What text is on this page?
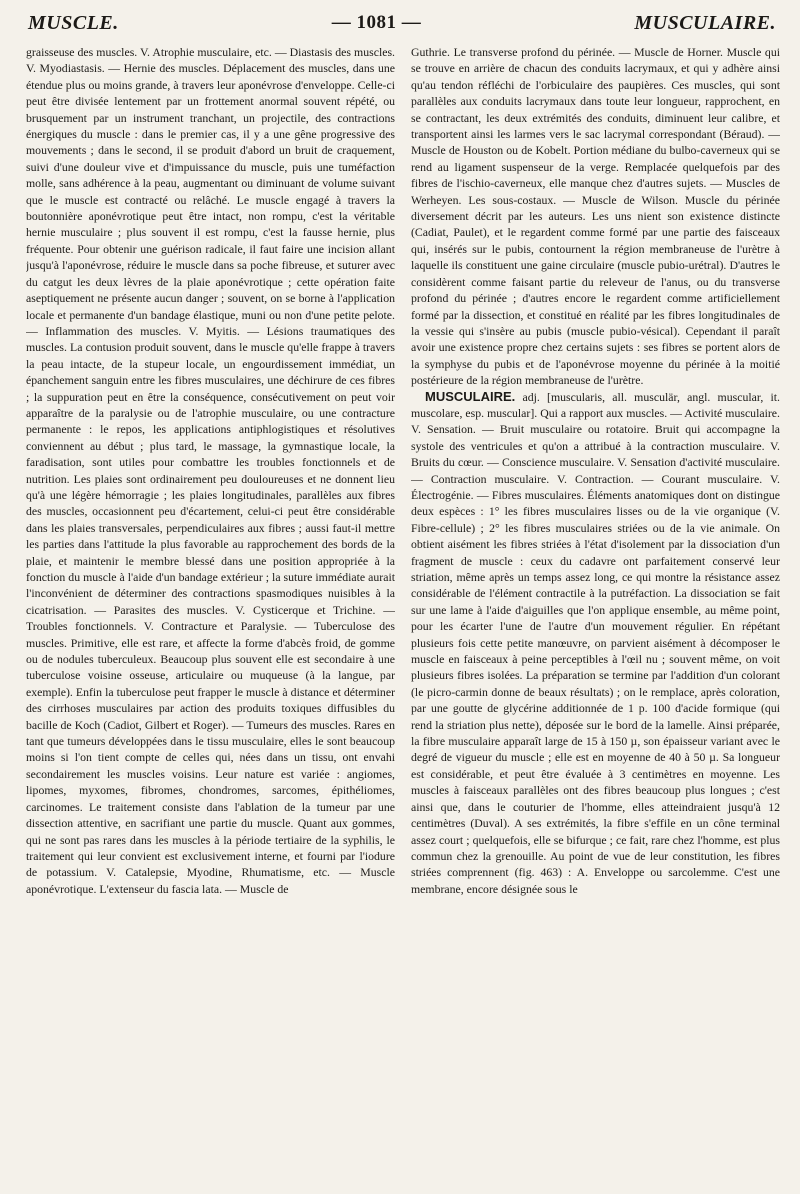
MUSCLE.	— 1081 —	MUSCULAIRE.

graisseuse des muscles. V. Atrophie musculaire, etc. — Diastasis des muscles. V. Myodiastasis. — Hernie des muscles. Déplacement des muscles, dans une étendue plus ou moins grande, à travers leur aponévrose d'enveloppe. Celle-ci peut être divisée lentement par un frottement anormal souvent répété, ou brusquement par un instrument tranchant, un projectile, des contractions énergiques du muscle : dans le premier cas, il y a une gêne progressive des mouvements ; dans le second, il se produit d'abord un bruit de craquement, suivi d'une douleur vive et d'impuissance du muscle, puis une tuméfaction molle, sans adhérence à la peau, augmentant ou diminuant de volume suivant que le muscle est contracté ou relâché. Le muscle engagé à travers la boutonnière aponévrotique peut être intact, non rompu, c'est la véritable hernie musculaire ; plus souvent il est rompu, c'est la fausse hernie, plus fréquente. Pour obtenir une guérison radicale, il faut faire une incision allant jusqu'à l'aponévrose, réduire le muscle dans sa poche fibreuse, et suturer avec du catgut les deux lèvres de la plaie aponévrotique ; cette opération faite aseptiquement ne présente aucun danger ; souvent, on se borne à l'application locale et permanente d'un bandage élastique, muni ou non d'une petite pelote. — Inflammation des muscles. V. Myitis. — Lésions traumatiques des muscles. La contusion produit souvent, dans le muscle qu'elle frappe à travers la peau intacte, de la stupeur locale, un engourdissement immédiat, un épanchement sanguin entre les fibres musculaires, une déchirure de ces fibres ; la suppuration peut en être la conséquence, consécutivement on peut voir apparaître de la paralysie ou de l'atrophie musculaire, ou une contracture permanente : le repos, les applications antiphlogistiques et résolutives conviennent au début ; plus tard, le massage, la gymnastique locale, la faradisation, sont utiles pour combattre les troubles fonctionnels et de nutrition. Les plaies sont ordinairement peu douloureuses et ne donnent lieu qu'à une légère hémorragie ; les plaies longitudinales, parallèles aux fibres des muscles, occasionnent peu d'écartement, celui-ci peut être considérable dans les plaies transversales, perpendiculaires aux fibres ; aussi faut-il mettre les parties dans l'attitude la plus favorable au rapprochement des bords de la plaie, et maintenir le membre blessé dans une position appropriée à la fonction du muscle à l'aide d'un bandage extérieur ; la suture immédiate aurait l'inconvénient de déterminer des contractions spasmodiques nuisibles à la cicatrisation. — Parasites des muscles. V. Cysticerque et Trichine. — Troubles fonctionnels. V. Contracture et Paralysie. — Tuberculose des muscles. Primitive, elle est rare, et affecte la forme d'abcès froid, de gomme ou de nodules tuberculeux. Beaucoup plus souvent elle est secondaire à une tuberculose voisine osseuse, articulaire ou muqueuse (à la langue, par exemple). Enfin la tuberculose peut frapper le muscle à distance et déterminer des cirrhoses musculaires par action des produits toxiques diffusibles du bacille de Koch (Cadiot, Gilbert et Roger). — Tumeurs des muscles. Rares en tant que tumeurs développées dans le tissu musculaire, elles le sont beaucoup moins si l'on tient compte de celles qui, nées dans un tissu, ont envahi secondairement les muscles voisins. Leur nature est variée : angiomes, lipomes, myxomes, fibromes, chondromes, sarcomes, épithéliomes, carcinomes. Le traitement consiste dans l'ablation de la tumeur par une dissection attentive, en sacrifiant une partie du muscle. Quant aux gommes, qui ne sont pas rares dans les muscles à la période tertiaire de la syphilis, le traitement qui leur convient est exclusivement interne, et fourni par l'iodure de potassium. V. Catalepsie, Myodine, Rhumatisme, etc. — Muscle aponévrotique. L'extenseur du fascia lata. — Muscle de

Guthrie. Le transverse profond du périnée. — Muscle de Horner. Muscle qui se trouve en arrière de chacun des conduits lacrymaux, et qui y adhère ainsi qu'au tendon réfléchi de l'orbiculaire des paupières. Ces muscles, qui sont parallèles aux conduits lacrymaux dans toute leur longueur, rapprochent, en se contractant, les deux extrémités des conduits, diminuent leur calibre, et transportent ainsi les larmes vers le sac lacrymal correspondant (Béraud). — Muscle de Houston ou de Kobelt. Portion médiane du bulbo-caverneux qui se rend au ligament suspenseur de la verge. Remplacée quelquefois par des fibres de l'ischio-caverneux, elle manque chez d'autres sujets. — Muscles de Werheyen. Les sous-costaux. — Muscle de Wilson. Muscle du périnée diversement décrit par les auteurs. Les uns nient son existence distincte (Cadiat, Paulet), et le regardent comme formé par une partie des faisceaux qui, insérés sur le pubis, contournent la région membraneuse de l'urètre à laquelle ils constituent une gaine circulaire (muscle pubio-urétral). D'autres le considèrent comme faisant partie du releveur de l'anus, ou du transverse profond du périnée ; d'autres encore le regardent comme artificiellement formé par la dissection, et constitué en réalité par les fibres longitudinales de la vessie qui s'insère au pubis (muscle pubio-vésical). Cependant il paraît avoir une existence propre chez certains sujets : ses fibres se portent alors de la symphyse du pubis et de l'aponévrose moyenne du périnée à la moitié postérieure de la région membraneuse de l'urètre.

MUSCULAIRE. adj. [muscularis, all. musculär, angl. muscular, it. muscolare, esp. muscular]. Qui a rapport aux muscles. — Activité musculaire. V. Sensation. — Bruit musculaire ou rotatoire. Bruit qui accompagne la systole des ventricules et qu'on a attribué à la contraction musculaire. V. Bruits du cœur. — Conscience musculaire. V. Sensation d'activité musculaire. — Contraction musculaire. V. Contraction. — Courant musculaire. V. Électrogénie. — Fibres musculaires. Éléments anatomiques dont on distingue deux espèces : 1° les fibres musculaires lisses ou de la vie organique (V. Fibre-cellule) ; 2° les fibres musculaires striées ou de la vie animale. On obtient aisément les fibres striées à l'état d'isolement par la dissociation d'un fragment de muscle : ceux du cadavre ont parfaitement conservé leur striation, même après un temps assez long, ce qui montre la résistance assez considérable de l'élément contractile à la putréfaction. La dissociation se fait sur une lame à l'aide d'aiguilles que l'on applique ensemble, au même point, pour les écarter l'une de l'autre d'un mouvement régulier. En répétant plusieurs fois cette petite manœuvre, on parvient aisément à décomposer le muscle en faisceaux à peine perceptibles à l'œil nu ; souvent même, on voit plusieurs fibres isolées. La préparation se termine par l'addition d'un colorant (le picro-carmin donne de beaux résultats) ; on le remplace, après coloration, par une goutte de glycérine additionnée de 1 p. 100 d'acide formique (qui rend la striation plus nette), déposée sur le bord de la lamelle. Ainsi préparée, la fibre musculaire apparaît large de 15 à 150 µ, son épaisseur variant avec le degré de vigueur du muscle ; elle est en moyenne de 40 à 50 µ. Sa longueur est considérable, et peut être évaluée à 3 centimètres en moyenne. Les muscles à faisceaux parallèles ont des fibres beaucoup plus longues ; c'est ainsi que, dans le couturier de l'homme, elles atteindraient jusqu'à 12 centimètres (Duval). A ses extrémités, la fibre s'effile en un cône terminal assez court ; quelquefois, elle se bifurque ; ce fait, rare chez l'homme, est plus commun chez la grenouille. Au point de vue de leur constitution, les fibres striées comprennent (fig. 463) : A. Enveloppe ou sarcolemme. C'est une membrane, encore désignée sous le
